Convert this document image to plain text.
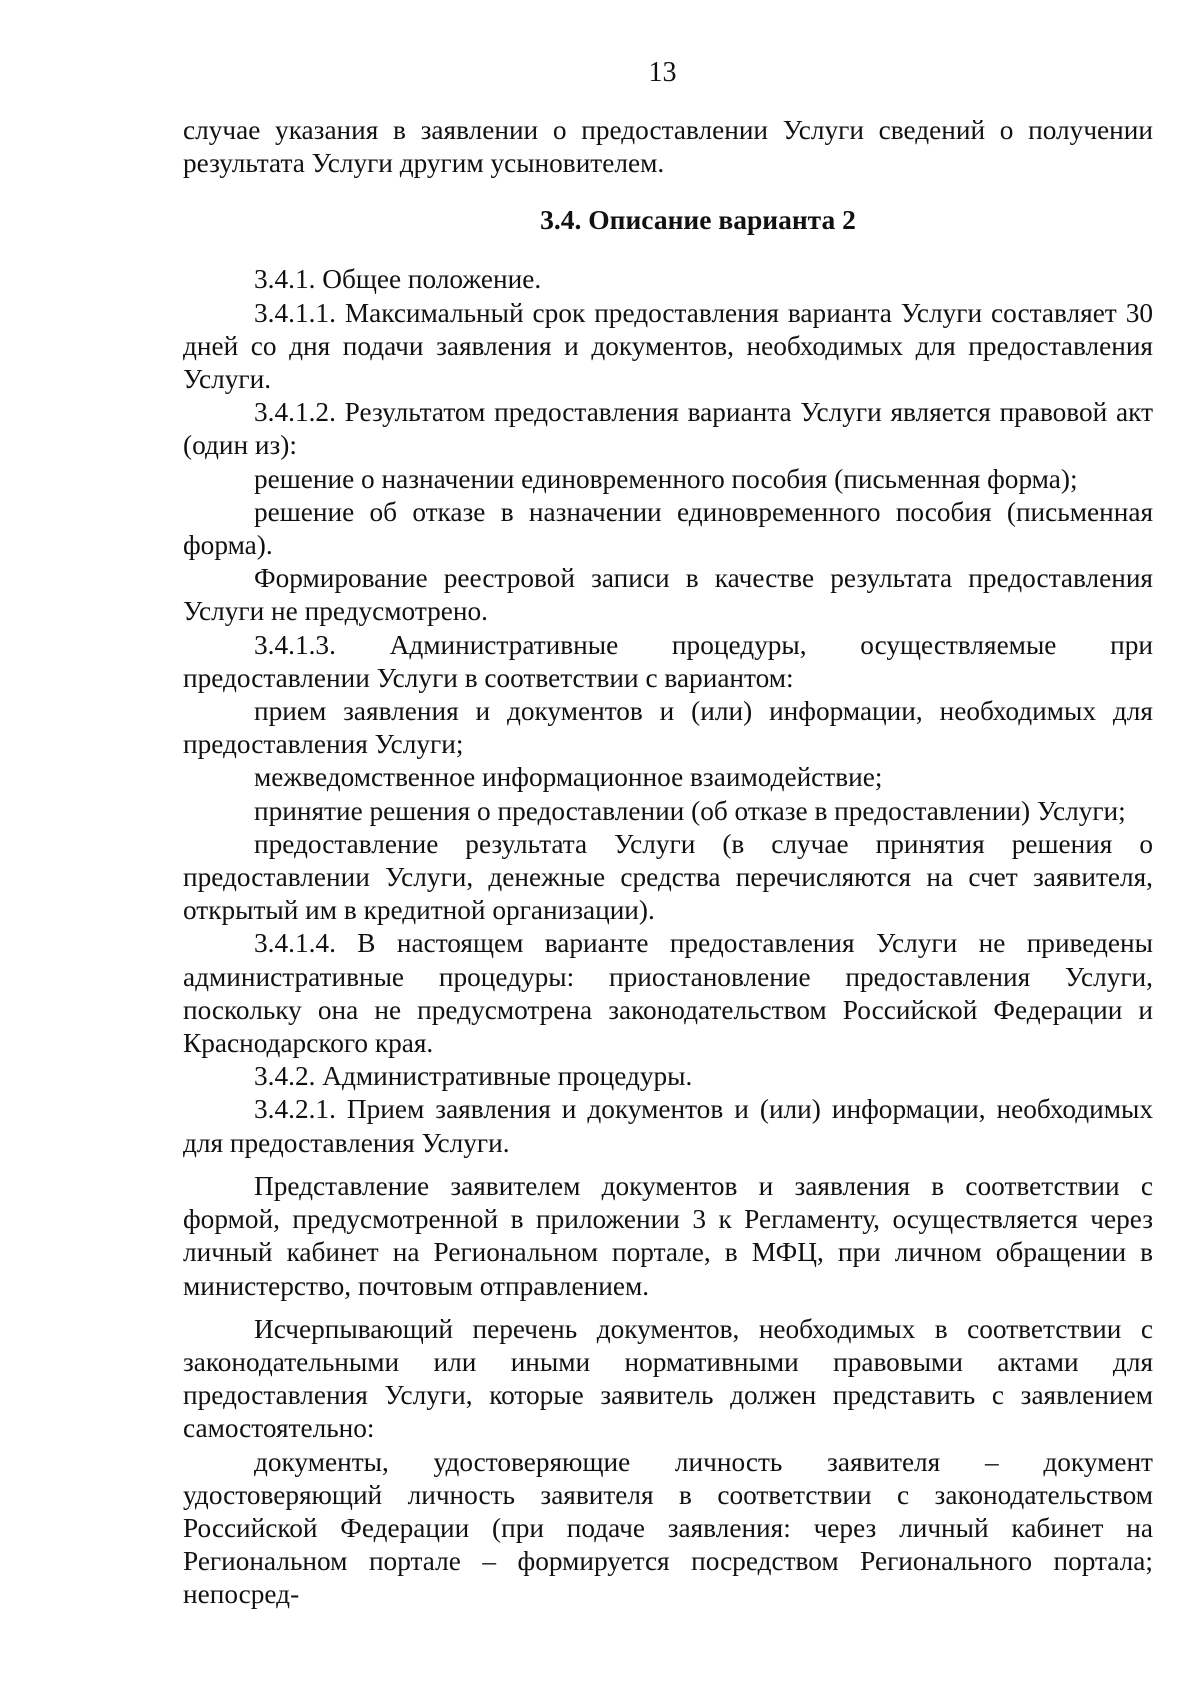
13

случае указания в заявлении о предоставлении Услуги сведений о получении результата Услуги другим усыновителем.

3.4. Описание варианта 2

3.4.1. Общее положение.

3.4.1.1. Максимальный срок предоставления варианта Услуги составляет 30 дней со дня подачи заявления и документов, необходимых для предоставления Услуги.

3.4.1.2. Результатом предоставления варианта Услуги является правовой акт (один из):

решение о назначении единовременного пособия (письменная форма);

решение об отказе в назначении единовременного пособия (письменная форма).

Формирование реестровой записи в качестве результата предоставления Услуги не предусмотрено.

3.4.1.3. Административные процедуры, осуществляемые при предоставлении Услуги в соответствии с вариантом:

прием заявления и документов и (или) информации, необходимых для предоставления Услуги;

межведомственное информационное взаимодействие;

принятие решения о предоставлении (об отказе в предоставлении) Услуги;

предоставление результата Услуги (в случае принятия решения о предоставлении Услуги, денежные средства перечисляются на счет заявителя, открытый им в кредитной организации).

3.4.1.4. В настоящем варианте предоставления Услуги не приведены административные процедуры: приостановление предоставления Услуги, поскольку она не предусмотрена законодательством Российской Федерации и Краснодарского края.

3.4.2. Административные процедуры.

3.4.2.1. Прием заявления и документов и (или) информации, необходимых для предоставления Услуги.

Представление заявителем документов и заявления в соответствии с формой, предусмотренной в приложении 3 к Регламенту, осуществляется через личный кабинет на Региональном портале, в МФЦ, при личном обращении в министерство, почтовым отправлением.

Исчерпывающий перечень документов, необходимых в соответствии с законодательными или иными нормативными правовыми актами для предоставления Услуги, которые заявитель должен представить с заявлением самостоятельно:

документы, удостоверяющие личность заявителя – документ удостоверяющий личность заявителя в соответствии с законодательством Российской Федерации (при подаче заявления: через личный кабинет на Региональном портале – формируется посредством Регионального портала; непосред-
